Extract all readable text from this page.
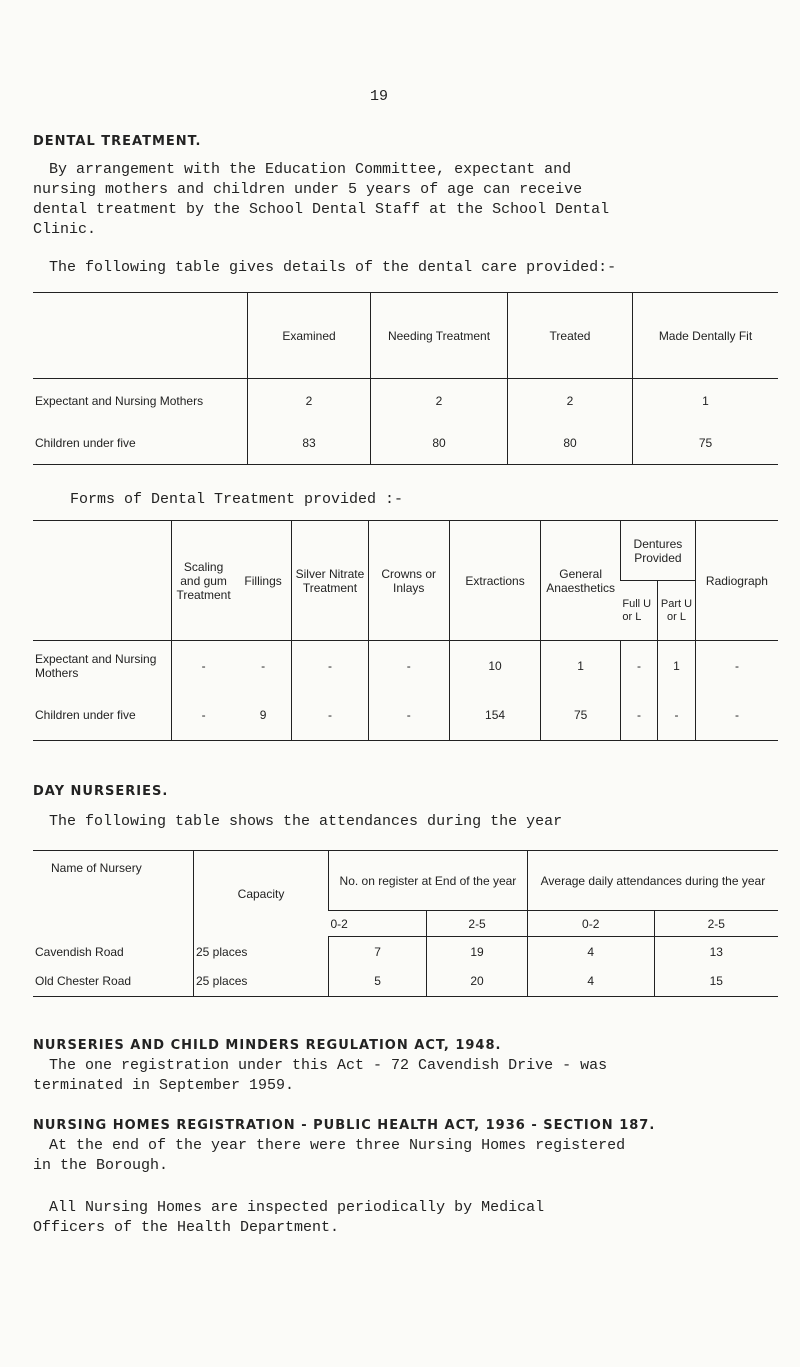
19
DENTAL TREATMENT.
By arrangement with the Education Committee, expectant and
nursing mothers and children under 5 years of age can receive
dental treatment by the School Dental Staff at the School Dental
Clinic.
The following table gives details of the dental care provided:-
	Examined	Needing Treatment	Treated	Made Dentally Fit
Expectant and Nursing Mothers	2	2	2	1
Children under five	83	80	80	75
Forms of Dental Treatment provided :-
	Scaling and gum Treatment	Fillings	Silver Nitrate Treatment	Crowns or Inlays	Extractions	General Anaesthetics	Dentures Provided		Radiograph
							Full U or L	Part U or L	
Expectant and Nursing Mothers	-	-	-	-	10	1	-	1	-
Children under five	-	9	-	-	154	75	-	-	-
DAY NURSERIES.
The following table shows the attendances during the year
Name of Nursery	Capacity	No. on register at End of the year		Average daily attendances during the year	
		0-2	2-5	0-2	2-5
Cavendish Road	25 places	7	19	4	13
Old Chester Road	25 places	5	20	4	15
NURSERIES AND CHILD MINDERS REGULATION ACT, 1948.
The one registration under this Act - 72 Cavendish Drive - was
terminated in September 1959.
NURSING HOMES REGISTRATION - PUBLIC HEALTH ACT, 1936 - SECTION 187.
At the end of the year there were three Nursing Homes registered
in the Borough.
All Nursing Homes are inspected periodically by Medical
Officers of the Health Department.
